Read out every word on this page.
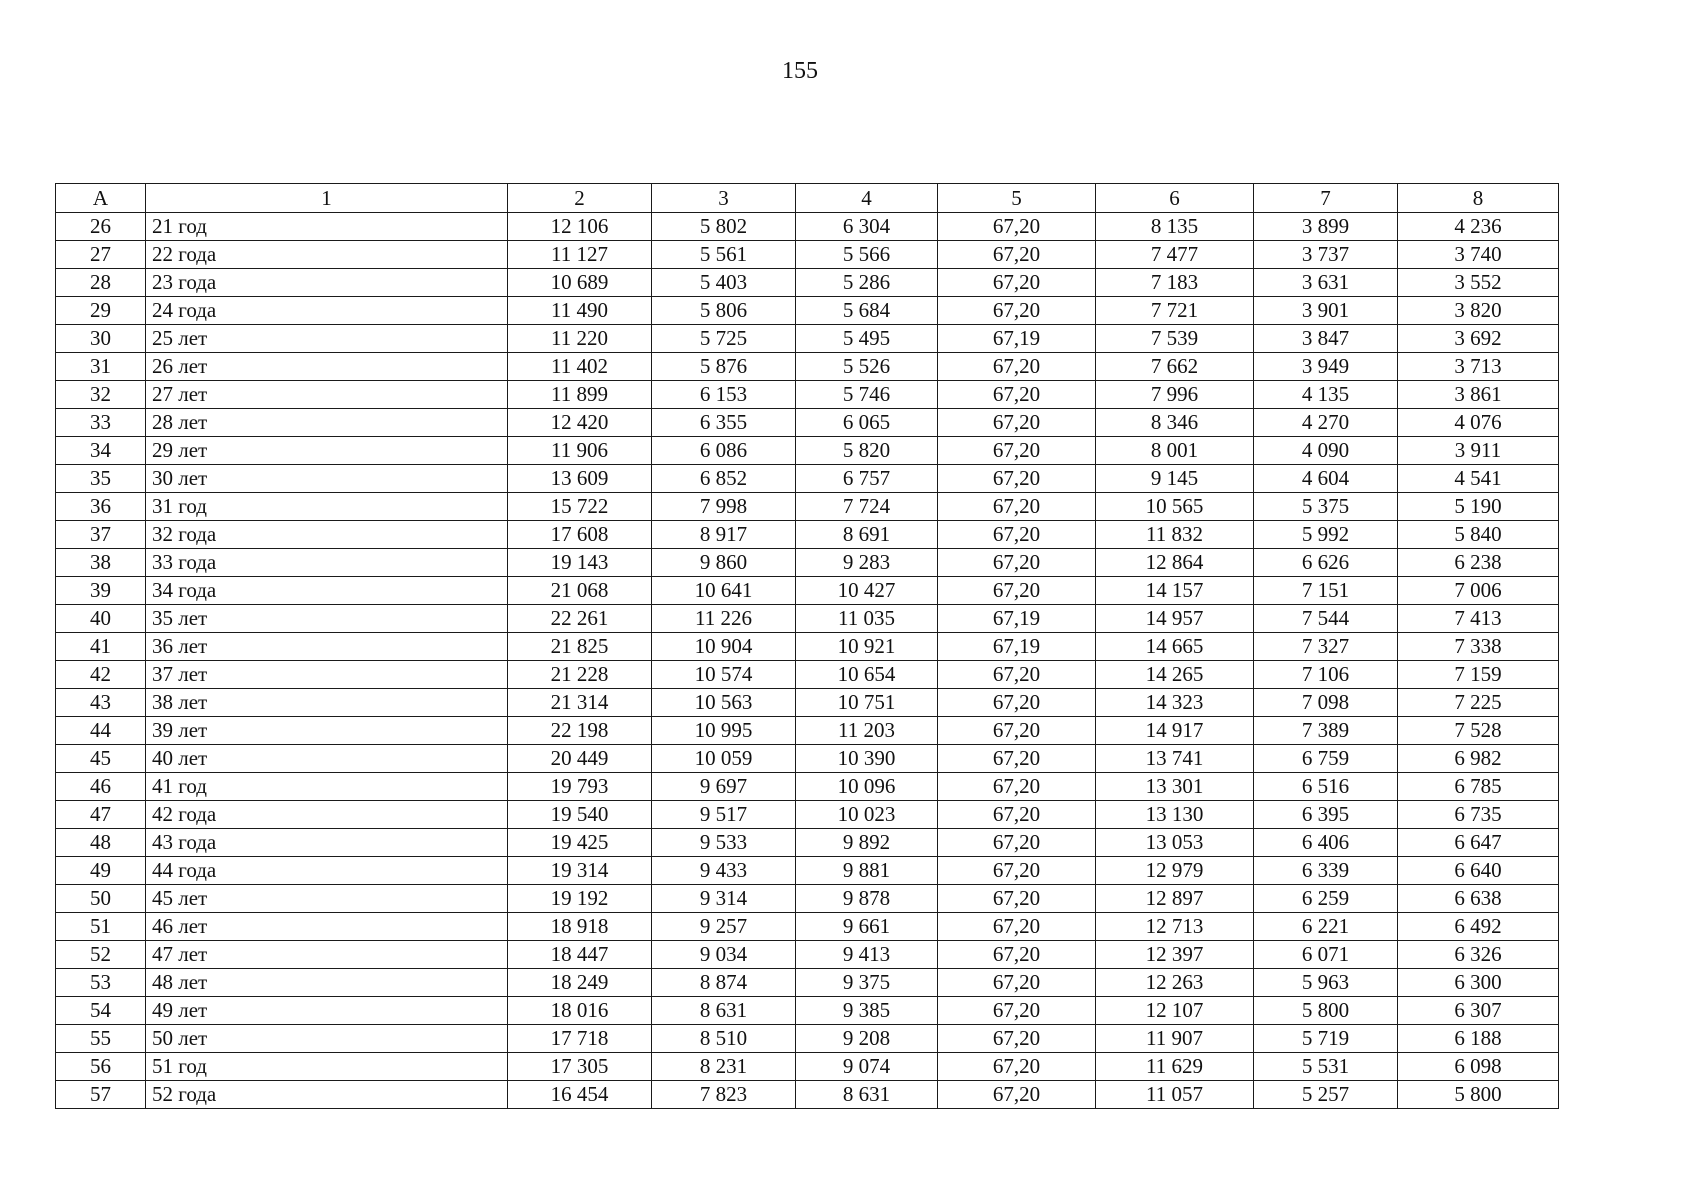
155
А	1	2	3	4	5	6	7	8
26	21 год	12 106	5 802	6 304	67,20	8 135	3 899	4 236
27	22 года	11 127	5 561	5 566	67,20	7 477	3 737	3 740
28	23 года	10 689	5 403	5 286	67,20	7 183	3 631	3 552
29	24 года	11 490	5 806	5 684	67,20	7 721	3 901	3 820
30	25 лет	11 220	5 725	5 495	67,19	7 539	3 847	3 692
31	26 лет	11 402	5 876	5 526	67,20	7 662	3 949	3 713
32	27 лет	11 899	6 153	5 746	67,20	7 996	4 135	3 861
33	28 лет	12 420	6 355	6 065	67,20	8 346	4 270	4 076
34	29 лет	11 906	6 086	5 820	67,20	8 001	4 090	3 911
35	30 лет	13 609	6 852	6 757	67,20	9 145	4 604	4 541
36	31 год	15 722	7 998	7 724	67,20	10 565	5 375	5 190
37	32 года	17 608	8 917	8 691	67,20	11 832	5 992	5 840
38	33 года	19 143	9 860	9 283	67,20	12 864	6 626	6 238
39	34 года	21 068	10 641	10 427	67,20	14 157	7 151	7 006
40	35 лет	22 261	11 226	11 035	67,19	14 957	7 544	7 413
41	36 лет	21 825	10 904	10 921	67,19	14 665	7 327	7 338
42	37 лет	21 228	10 574	10 654	67,20	14 265	7 106	7 159
43	38 лет	21 314	10 563	10 751	67,20	14 323	7 098	7 225
44	39 лет	22 198	10 995	11 203	67,20	14 917	7 389	7 528
45	40 лет	20 449	10 059	10 390	67,20	13 741	6 759	6 982
46	41 год	19 793	9 697	10 096	67,20	13 301	6 516	6 785
47	42 года	19 540	9 517	10 023	67,20	13 130	6 395	6 735
48	43 года	19 425	9 533	9 892	67,20	13 053	6 406	6 647
49	44 года	19 314	9 433	9 881	67,20	12 979	6 339	6 640
50	45 лет	19 192	9 314	9 878	67,20	12 897	6 259	6 638
51	46 лет	18 918	9 257	9 661	67,20	12 713	6 221	6 492
52	47 лет	18 447	9 034	9 413	67,20	12 397	6 071	6 326
53	48 лет	18 249	8 874	9 375	67,20	12 263	5 963	6 300
54	49 лет	18 016	8 631	9 385	67,20	12 107	5 800	6 307
55	50 лет	17 718	8 510	9 208	67,20	11 907	5 719	6 188
56	51 год	17 305	8 231	9 074	67,20	11 629	5 531	6 098
57	52 года	16 454	7 823	8 631	67,20	11 057	5 257	5 800
